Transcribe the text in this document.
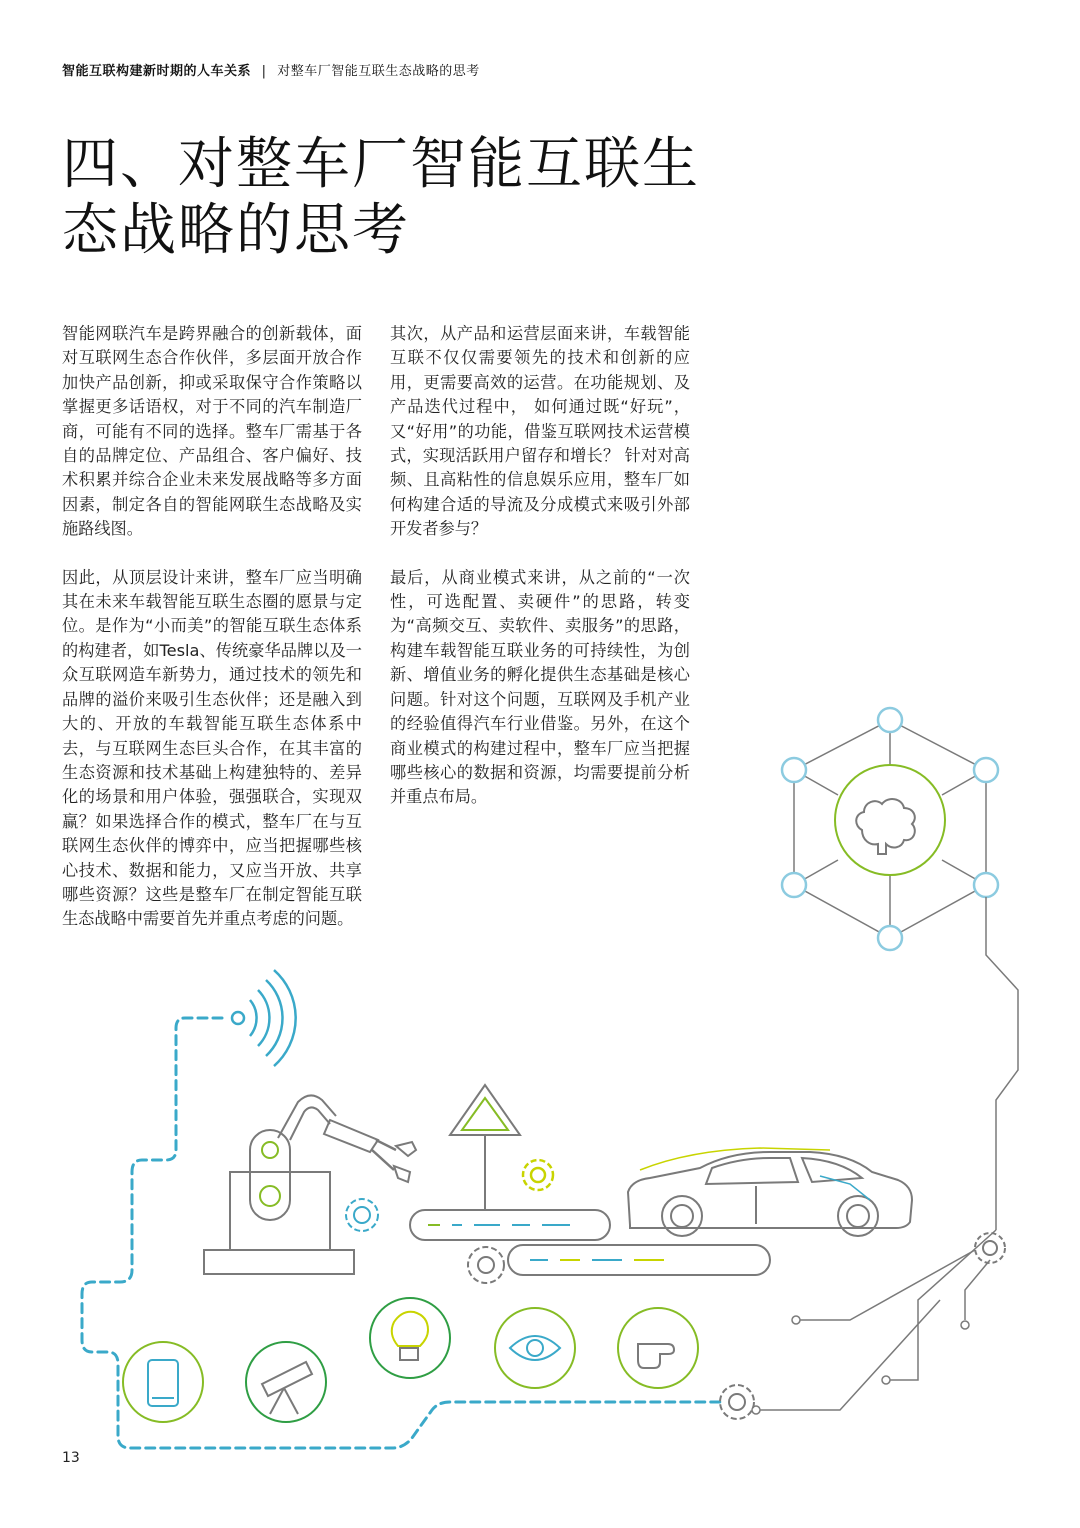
智能互联构建新时期的人车关系 | 对整车厂智能互联生态战略的思考
四、对整车厂智能互联生
态战略的思考

智能网联汽车是跨界融合的创新载体，面对互联网生态合作伙伴，多层面开放合作加快产品创新，抑或采取保守合作策略以掌握更多话语权，对于不同的汽车制造厂商，可能有不同的选择。整车厂需基于各自的品牌定位、产品组合、客户偏好、技术积累并综合企业未来发展战略等多方面因素，制定各自的智能网联生态战略及实施路线图。

因此，从顶层设计来讲，整车厂应当明确其在未来车载智能互联生态圈的愿景与定位。是作为“小而美”的智能互联生态体系的构建者，如Tesla、传统豪华品牌以及一众互联网造车新势力，通过技术的领先和品牌的溢价来吸引生态伙伴；还是融入到大的、开放的车载智能互联生态体系中去，与互联网生态巨头合作，在其丰富的生态资源和技术基础上构建独特的、差异化的场景和用户体验，强强联合，实现双赢？如果选择合作的模式，整车厂在与互联网生态伙伴的博弈中，应当把握哪些核心技术、数据和能力，又应当开放、共享哪些资源？这些是整车厂在制定智能互联生态战略中需要首先并重点考虑的问题。

其次，从产品和运营层面来讲，车载智能互联不仅仅需要领先的技术和创新的应用，更需要高效的运营。在功能规划、及产品迭代过程中， 如何通过既“好玩”，又“好用”的功能，借鉴互联网技术运营模式，实现活跃用户留存和增长？ 针对对高频、且高粘性的信息娱乐应用，整车厂如何构建合适的导流及分成模式来吸引外部开发者参与？

最后，从商业模式来讲，从之前的“一次性，可选配置、卖硬件”的思路，转变为“高频交互、卖软件、卖服务”的思路，构建车载智能互联业务的可持续性，为创新、增值业务的孵化提供生态基础是核心问题。针对这个问题，互联网及手机产业的经验值得汽车行业借鉴。另外，在这个商业模式的构建过程中，整车厂应当把握哪些核心的数据和资源，均需要提前分析并重点布局。

13
